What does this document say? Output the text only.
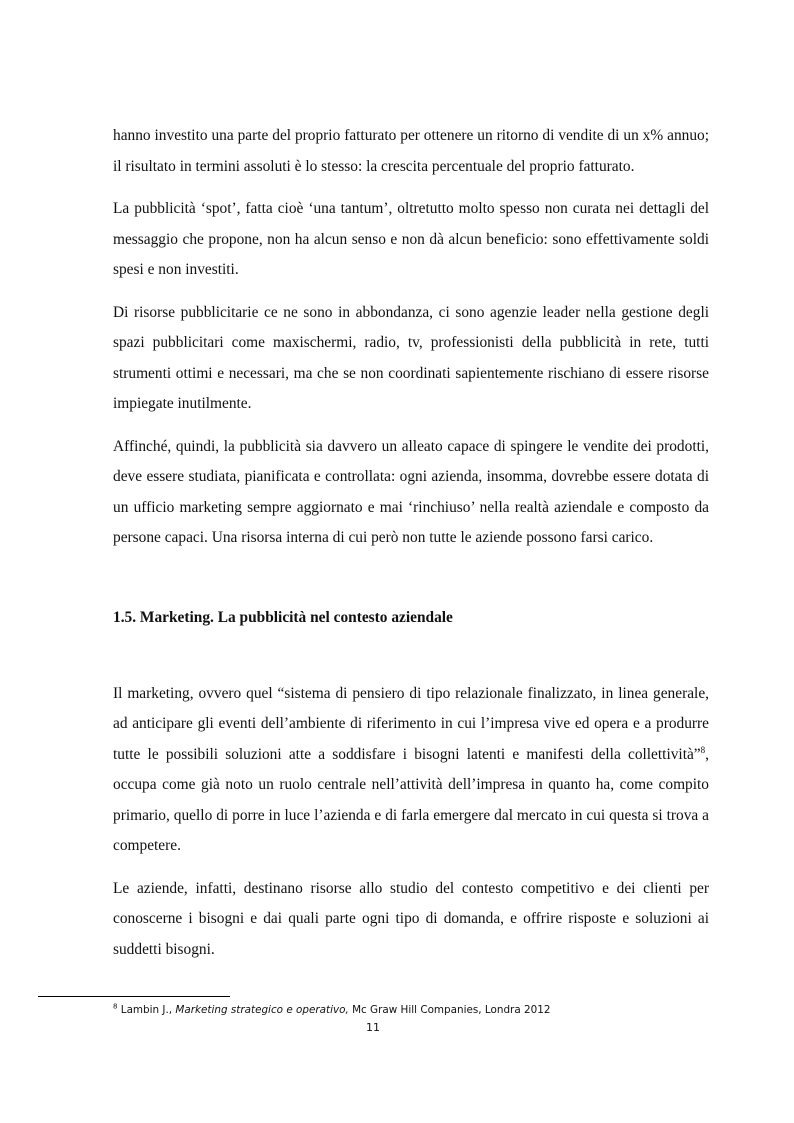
hanno investito una parte del proprio fatturato per ottenere un ritorno di vendite di un x% annuo; il risultato in termini assoluti è lo stesso: la crescita percentuale del proprio fatturato.

La pubblicità ‘spot’, fatta cioè ‘una tantum’, oltretutto molto spesso non curata nei dettagli del messaggio che propone, non ha alcun senso e non dà alcun beneficio: sono effettivamente soldi spesi e non investiti.

Di risorse pubblicitarie ce ne sono in abbondanza, ci sono agenzie leader nella gestione degli spazi pubblicitari come maxischermi, radio, tv, professionisti della pubblicità in rete, tutti strumenti ottimi e necessari, ma che se non coordinati sapientemente rischiano di essere risorse impiegate inutilmente.

Affinché, quindi, la pubblicità sia davvero un alleato capace di spingere le vendite dei prodotti, deve essere studiata, pianificata e controllata: ogni azienda, insomma, dovrebbe essere dotata di un ufficio marketing sempre aggiornato e mai ‘rinchiuso’ nella realtà aziendale e composto da persone capaci. Una risorsa interna di cui però non tutte le aziende possono farsi carico.

1.5. Marketing. La pubblicità nel contesto aziendale

Il marketing, ovvero quel “sistema di pensiero di tipo relazionale finalizzato, in linea generale, ad anticipare gli eventi dell’ambiente di riferimento in cui l’impresa vive ed opera e a produrre tutte le possibili soluzioni atte a soddisfare i bisogni latenti e manifesti della collettività”$^8$, occupa come già noto un ruolo centrale nell’attività dell’impresa in quanto ha, come compito primario, quello di porre in luce l’azienda e di farla emergere dal mercato in cui questa si trova a competere.

Le aziende, infatti, destinano risorse allo studio del contesto competitivo e dei clienti per conoscerne i bisogni e dai quali parte ogni tipo di domanda, e offrire risposte e soluzioni ai suddetti bisogni.

$^8$ Lambin J., Marketing strategico e operativo, Mc Graw Hill Companies, Londra 2012
11
